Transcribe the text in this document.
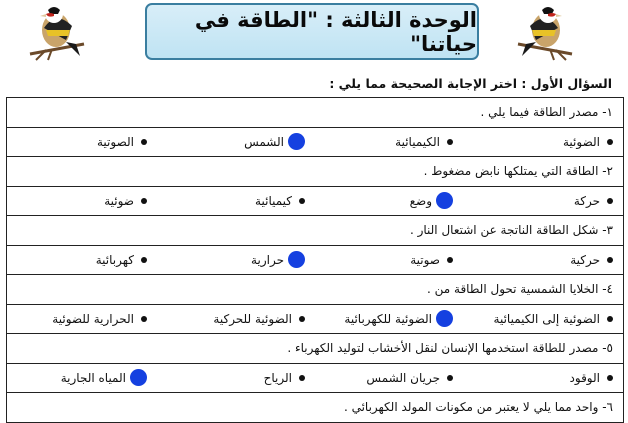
الوحدة الثالثة : "الطاقة في حياتنا"
السؤال الأول : اختر الإجابة الصحيحة مما يلي :
١- مصدر الطاقة فيما يلي .
الضوئية
الكيميائية
الشمس
الصوتية
٢- الطاقة التي يمتلكها نابض مضغوط .
حركة
وضع
كيميائية
ضوئية
٣- شكل الطاقة الناتجة عن اشتعال النار .
حركية
صوتية
حرارية
كهربائية
٤- الخلايا الشمسية تحول الطاقة من .
الضوئية إلى الكيميائية
الضوئية للكهربائية
الضوئية للحركية
الحرارية للضوئية
٥- مصدر للطاقة استخدمها الإنسان لنقل الأخشاب لتوليد الكهرباء .
الوقود
جريان الشمس
الرياح
المياه الجارية
٦- واحد مما يلي لا يعتبر من مكونات المولد الكهربائي .
